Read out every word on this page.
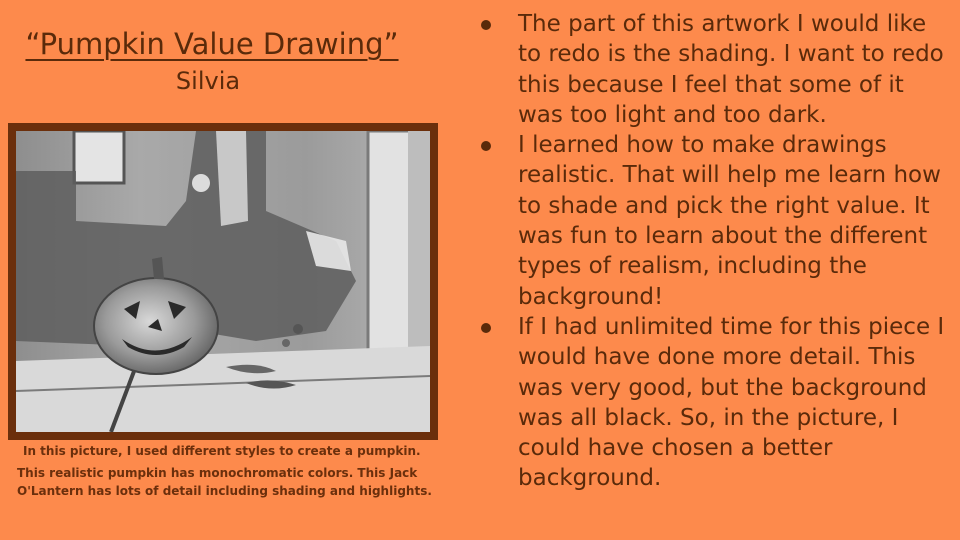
“Pumpkin Value Drawing”
Silvia
In this picture, I used different styles to create a pumpkin.
This realistic pumpkin has monochromatic colors. This Jack O'Lantern has lots of detail including shading and highlights.
The part of this artwork I would like to redo is the shading. I want to redo this because I feel that some of it was too light and too dark.
I learned how to make drawings realistic. That will help me learn how to shade and pick the right value. It was fun to learn about the different types of realism, including the background!
If I had unlimited time for this piece I would have done more detail. This was very good, but the background was all black. So, in the picture, I could have chosen a better background.
